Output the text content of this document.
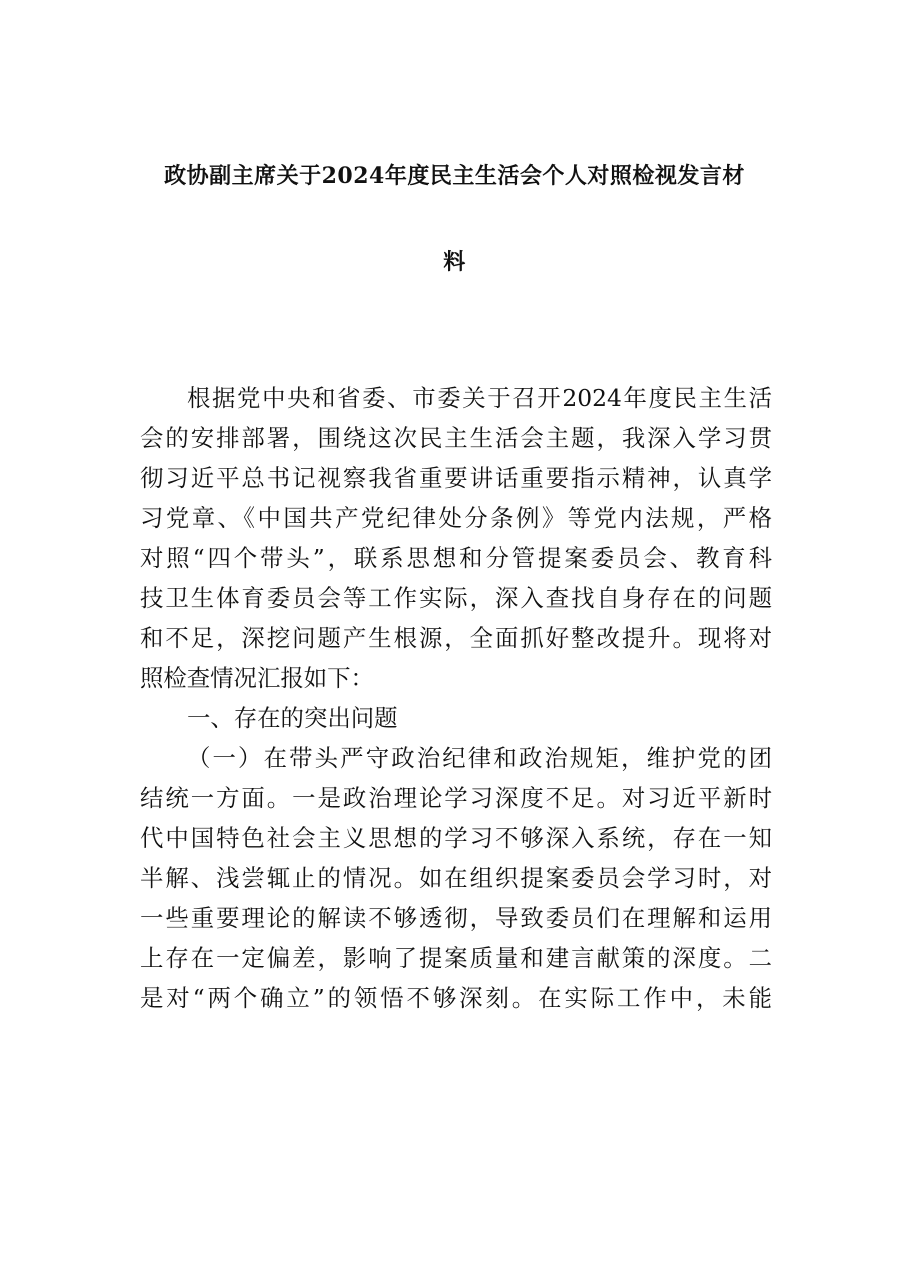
政协副主席关于2024年度民主生活会个人对照检视发言材
料
根据党中央和省委、市委关于召开2024年度民主生活
会的安排部署，围绕这次民主生活会主题，我深入学习贯
彻习近平总书记视察我省重要讲话重要指示精神，认真学
习党章、《中国共产党纪律处分条例》等党内法规，严格
对照“四个带头”，联系思想和分管提案委员会、教育科
技卫生体育委员会等工作实际，深入查找自身存在的问题
和不足，深挖问题产生根源，全面抓好整改提升。现将对
照检查情况汇报如下：
一、存在的突出问题
（一）在带头严守政治纪律和政治规矩，维护党的团
结统一方面。一是政治理论学习深度不足。对习近平新时
代中国特色社会主义思想的学习不够深入系统，存在一知
半解、浅尝辄止的情况。如在组织提案委员会学习时，对
一些重要理论的解读不够透彻，导致委员们在理解和运用
上存在一定偏差，影响了提案质量和建言献策的深度。二
是对“两个确立”的领悟不够深刻。在实际工作中，未能
